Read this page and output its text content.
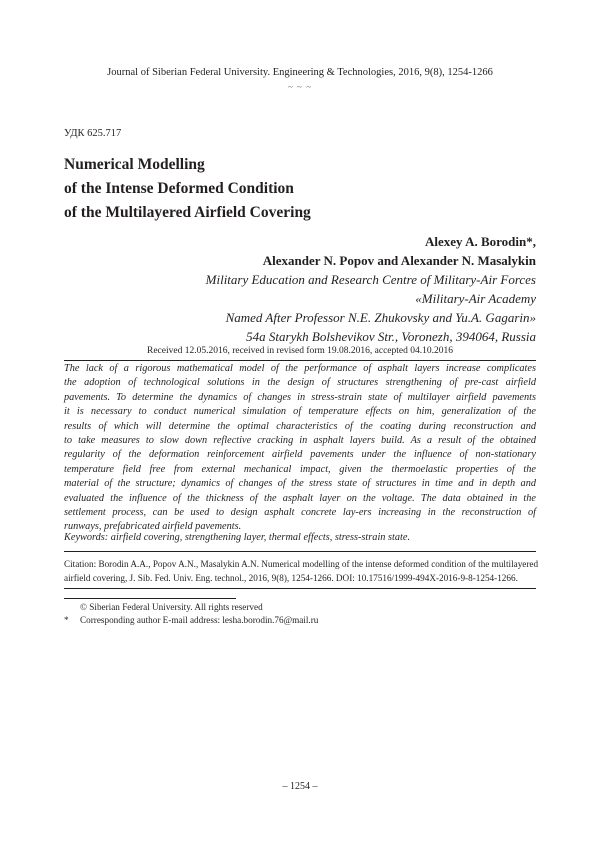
Journal of Siberian Federal University. Engineering & Technologies, 2016, 9(8), 1254-1266
~ ~ ~
УДК 625.717
Numerical Modelling
of the Intense Deformed Condition
of the Multilayered Airfield Covering
Alexey A. Borodin*,
Alexander N. Popov and Alexander N. Masalykin
Military Education and Research Centre of Military-Air Forces
«Military-Air Academy
Named After Professor N.E. Zhukovsky and Yu.A. Gagarin»
54a Starykh Bolshevikov Str., Voronezh, 394064, Russia
Received 12.05.2016, received in revised form 19.08.2016, accepted 04.10.2016
The lack of a rigorous mathematical model of the performance of asphalt layers increase complicates
the adoption of technological solutions in the design of structures strengthening of pre-cast airfield
pavements. To determine the dynamics of changes in stress-strain state of multilayer airfield pavements
it is necessary to conduct numerical simulation of temperature effects on him, generalization of the
results of which will determine the optimal characteristics of the coating during reconstruction and
to take measures to slow down reflective cracking in asphalt layers build. As a result of the obtained
regularity of the deformation reinforcement airfield pavements under the influence of non-stationary
temperature field free from external mechanical impact, given the thermoelastic properties of the
material of the structure; dynamics of changes of the stress state of structures in time and in depth and
evaluated the influence of the thickness of the asphalt layer on the voltage. The data obtained in the
settlement process, can be used to design asphalt concrete lay-ers increasing in the reconstruction of
runways, prefabricated airfield pavements.
Keywords: airfield covering, strengthening layer, thermal effects, stress-strain state.
Citation: Borodin A.A., Popov A.N., Masalykin A.N. Numerical modelling of the intense deformed condition of the multilayered
airfield covering, J. Sib. Fed. Univ. Eng. technol., 2016, 9(8), 1254-1266. DOI: 10.17516/1999-494X-2016-9-8-1254-1266.
© Siberian Federal University. All rights reserved
* Corresponding author E-mail address: lesha.borodin.76@mail.ru
– 1254 –
